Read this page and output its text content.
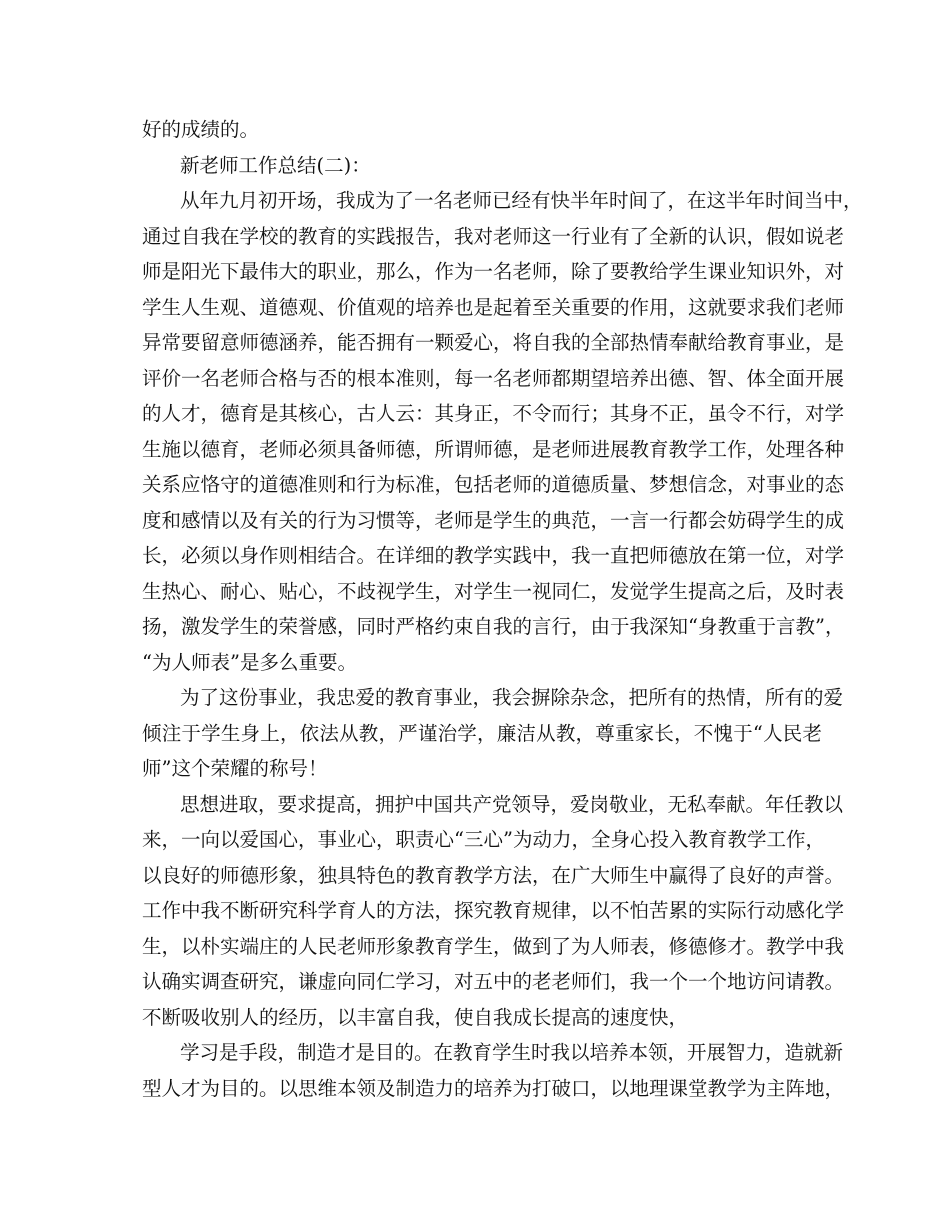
好的成绩的。
新老师工作总结(二)：
从年九月初开场，我成为了一名老师已经有快半年时间了，在这半年时间当中，
通过自我在学校的教育的实践报告，我对老师这一行业有了全新的认识，假如说老
师是阳光下最伟大的职业，那么，作为一名老师，除了要教给学生课业知识外，对
学生人生观、道德观、价值观的培养也是起着至关重要的作用，这就要求我们老师
异常要留意师德涵养，能否拥有一颗爱心，将自我的全部热情奉献给教育事业，是
评价一名老师合格与否的根本准则，每一名老师都期望培养出德、智、体全面开展
的人才，德育是其核心，古人云：其身正，不令而行；其身不正，虽令不行，对学
生施以德育，老师必须具备师德，所谓师德，是老师进展教育教学工作，处理各种
关系应恪守的道德准则和行为标准，包括老师的道德质量、梦想信念，对事业的态
度和感情以及有关的行为习惯等，老师是学生的典范，一言一行都会妨碍学生的成
长，必须以身作则相结合。在详细的教学实践中，我一直把师德放在第一位，对学
生热心、耐心、贴心，不歧视学生，对学生一视同仁，发觉学生提高之后，及时表
扬，激发学生的荣誉感，同时严格约束自我的言行，由于我深知“身教重于言教”，
“为人师表”是多么重要。
为了这份事业，我忠爱的教育事业，我会摒除杂念，把所有的热情，所有的爱
倾注于学生身上，依法从教，严谨治学，廉洁从教，尊重家长，不愧于“人民老
师”这个荣耀的称号！
思想进取，要求提高，拥护中国共产党领导，爱岗敬业，无私奉献。年任教以
来，一向以爱国心，事业心，职责心“三心”为动力，全身心投入教育教学工作，
以良好的师德形象，独具特色的教育教学方法，在广大师生中赢得了良好的声誉。
工作中我不断研究科学育人的方法，探究教育规律，以不怕苦累的实际行动感化学
生，以朴实端庄的人民老师形象教育学生，做到了为人师表，修德修才。教学中我
认确实调查研究，谦虚向同仁学习，对五中的老老师们，我一个一个地访问请教。
不断吸收别人的经历，以丰富自我，使自我成长提高的速度快，
学习是手段，制造才是目的。在教育学生时我以培养本领，开展智力，造就新
型人才为目的。以思维本领及制造力的培养为打破口，以地理课堂教学为主阵地，
